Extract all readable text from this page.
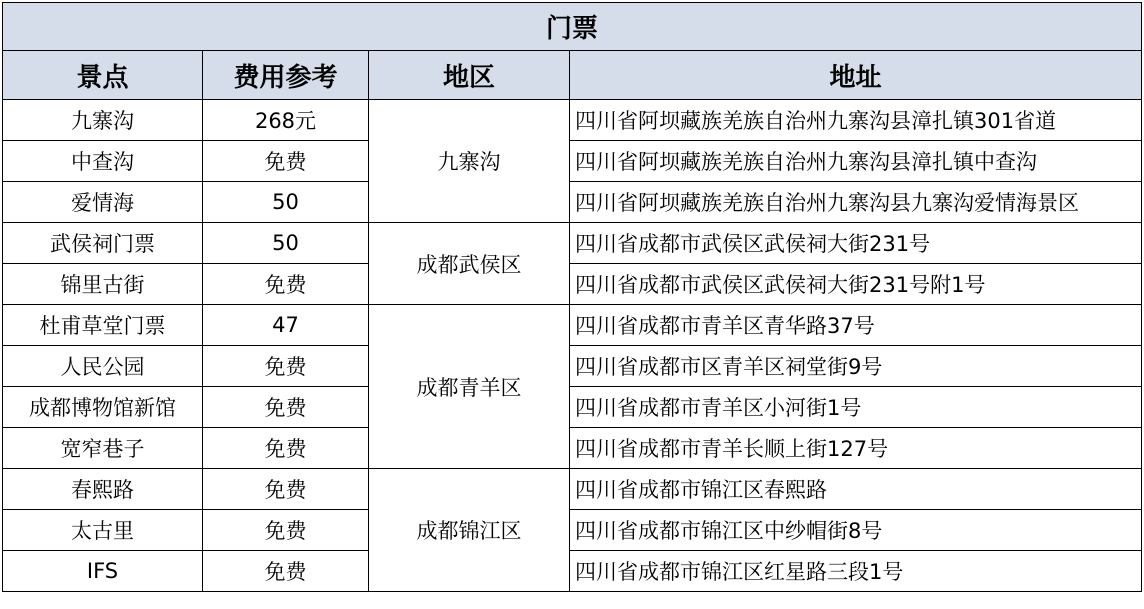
门票			
景点	费用参考	地区	地址
九寨沟	268元	九寨沟	四川省阿坝藏族羌族自治州九寨沟县漳扎镇301省道
中查沟	免费		四川省阿坝藏族羌族自治州九寨沟县漳扎镇中查沟
爱情海	50		四川省阿坝藏族羌族自治州九寨沟县九寨沟爱情海景区
武侯祠门票	50	成都武侯区	四川省成都市武侯区武侯祠大街231号
锦里古街	免费		四川省成都市武侯区武侯祠大街231号附1号
杜甫草堂门票	47	成都青羊区	四川省成都市青羊区青华路37号
人民公园	免费		四川省成都市区青羊区祠堂街9号
成都博物馆新馆	免费		四川省成都市青羊区小河街1号
宽窄巷子	免费		四川省成都市青羊长顺上街127号
春熙路	免费	成都锦江区	四川省成都市锦江区春熙路
太古里	免费		四川省成都市锦江区中纱帽街8号
IFS	免费		四川省成都市锦江区红星路三段1号
